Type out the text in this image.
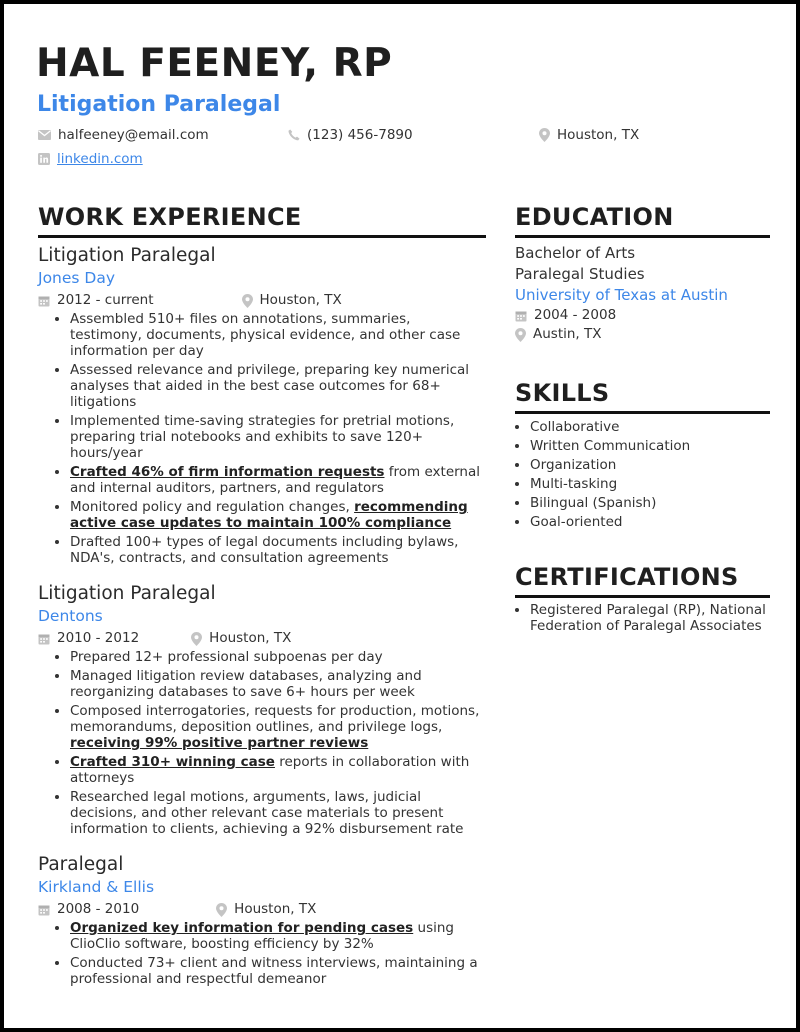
HAL FEENEY, RP
Litigation Paralegal
halfeeney@email.com	(123) 456-7890	Houston, TX
linkedin.com
WORK EXPERIENCE

Litigation Paralegal

Jones Day

2012 - current	Houston, TX
• Assembled 510+ files on annotations, summaries, testimony, documents, physical evidence, and other case information per day
• Assessed relevance and privilege, preparing key numerical analyses that aided in the best case outcomes for 68+ litigations
• Implemented time-saving strategies for pretrial motions, preparing trial notebooks and exhibits to save 120+ hours/year
• Crafted 46% of firm information requests from external and internal auditors, partners, and regulators
• Monitored policy and regulation changes, recommending active case updates to maintain 100% compliance
• Drafted 100+ types of legal documents including bylaws, NDA's, contracts, and consultation agreements

Litigation Paralegal

Dentons

2010 - 2012	Houston, TX
• Prepared 12+ professional subpoenas per day
• Managed litigation review databases, analyzing and reorganizing databases to save 6+ hours per week
• Composed interrogatories, requests for production, motions, memorandums, deposition outlines, and privilege logs, receiving 99% positive partner reviews
• Crafted 310+ winning case reports in collaboration with attorneys
• Researched legal motions, arguments, laws, judicial decisions, and other relevant case materials to present information to clients, achieving a 92% disbursement rate

Paralegal

Kirkland & Ellis

2008 - 2010	Houston, TX
• Organized key information for pending cases using ClioClio software, boosting efficiency by 32%
• Conducted 73+ client and witness interviews, maintaining a professional and respectful demeanor
EDUCATION

Bachelor of Arts

Paralegal Studies

University of Texas at Austin

2004 - 2008
Austin, TX
SKILLS
• Collaborative
• Written Communication
• Organization
• Multi-tasking
• Bilingual (Spanish)
• Goal-oriented
CERTIFICATIONS
• Registered Paralegal (RP), National Federation of Paralegal Associates
